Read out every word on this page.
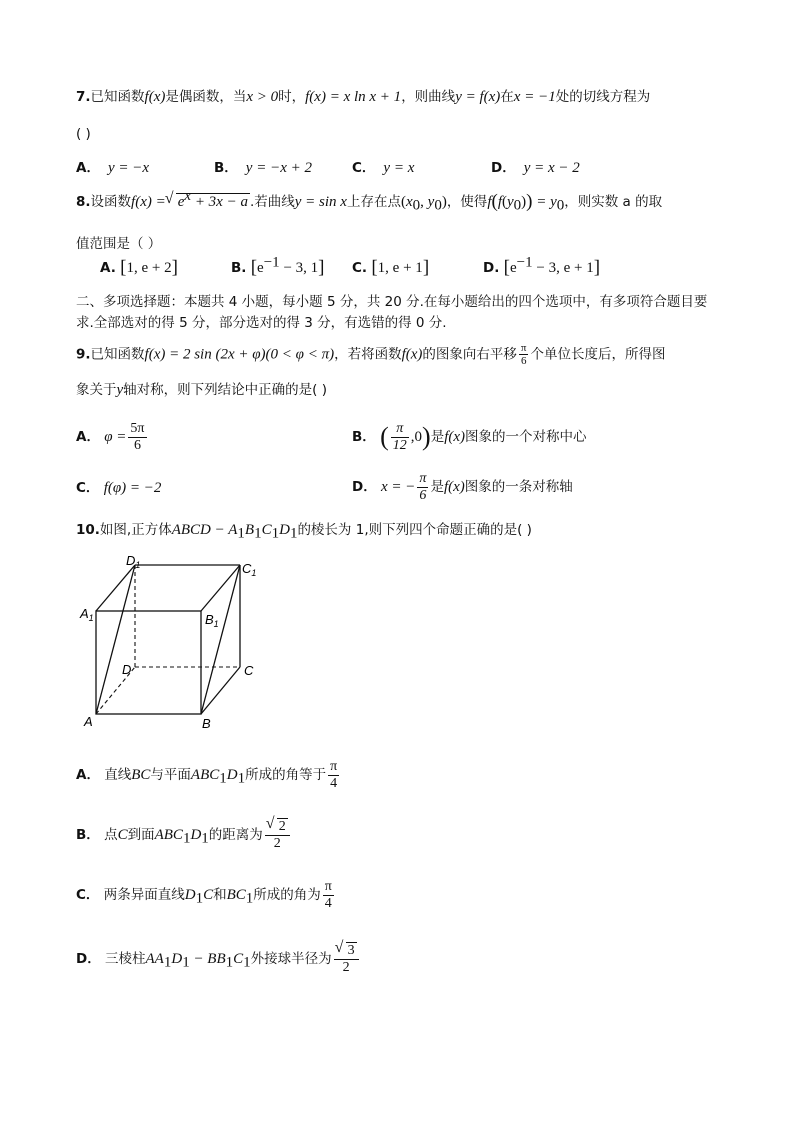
7.已知函数f(x)是偶函数，当x > 0时，f(x) = x ln x + 1，则曲线y = f(x)在x = −1处的切线方程为
( )
A． y = −x	B． y = −x + 2	C． y = x	D． y = x − 2
8.设函数f(x) = √ $e^x + 3x - a$ .若曲线y = sin x上存在点($x_0$, $y_0$)，使得$f(f(y_0)) = y_0$，则实数 a 的取
值范围是（ ）
A. [1, e + 2]	B. [$e^{-1} - 3$, 1] C. [1, e + 1]	D. [$e^{-1} - 3$, e + 1]
二、多项选择题：本题共 4 小题，每小题 5 分，共 20 分.在每小题给出的四个选项中，有多项符合题目要
求.全部选对的得 5 分，部分选对的得 3 分，有选错的得 0 分.
9.已知函数f(x) = 2 sin (2x + φ)(0 < φ < π)，若将函数f(x)的图象向右平移 $\frac{\pi}{6}$ 个单位长度后，所得图
象关于y轴对称，则下列结论中正确的是( )
A． $\varphi = \frac{5\pi}{6}$	B． ( $\frac{\pi}{12} ,0$)是f(x)图象的一个对称中心
C． f(φ) = −2	D． x = − $\frac{\pi}{6}$ 是f(x)图象的一条对称轴
10.如图,正方体ABCD − $A_1B_1C_1D_1$的棱长为 1,则下列四个命题正确的是( )
$D_1$	$C_1$
$A_1$	$B_1$
D	C
A	B
A． 直线BC与平面$ABC_1D_1$所成的角等于 $\frac{\pi}{4}$
B． 点C到面$ABC_1D_1$的距离为 √ $\frac{2}{2}$
C． 两条异面直线$D_1C$和$BC_1$所成的角为 $\frac{\pi}{4}$
D． 三棱柱$AA_1D_1 - BB_1C_1$外接球半径为 √ $\frac{3}{2}$
